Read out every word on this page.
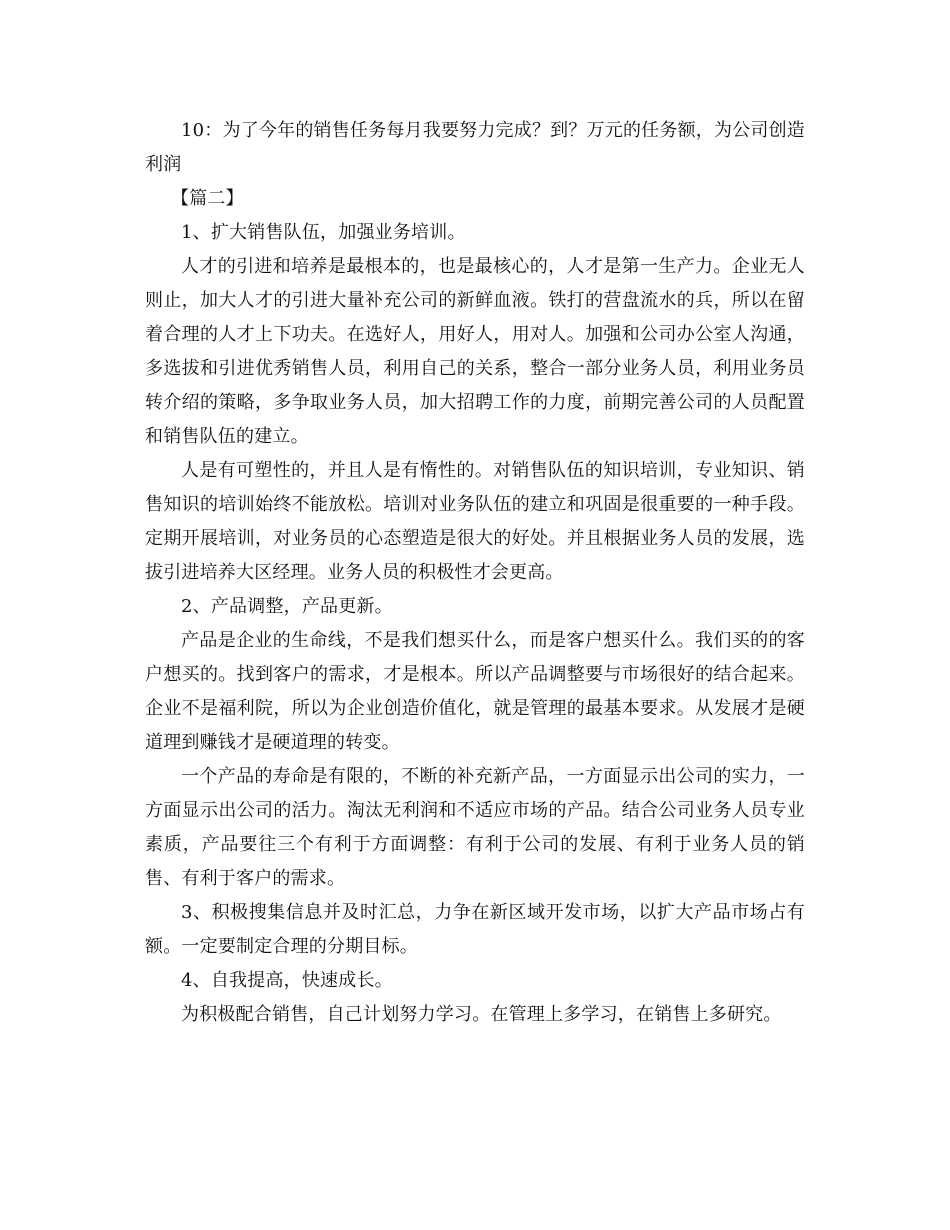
10：为了今年的销售任务每月我要努力完成？到？万元的任务额，为公司创造利润

【篇二】

1、扩大销售队伍，加强业务培训。

人才的引进和培养是最根本的，也是最核心的，人才是第一生产力。企业无人则止，加大人才的引进大量补充公司的新鲜血液。铁打的营盘流水的兵，所以在留着合理的人才上下功夫。在选好人，用好人，用对人。加强和公司办公室人沟通，多选拔和引进优秀销售人员，利用自己的关系，整合一部分业务人员，利用业务员转介绍的策略，多争取业务人员，加大招聘工作的力度，前期完善公司的人员配置和销售队伍的建立。

人是有可塑性的，并且人是有惰性的。对销售队伍的知识培训，专业知识、销售知识的培训始终不能放松。培训对业务队伍的建立和巩固是很重要的一种手段。定期开展培训，对业务员的心态塑造是很大的好处。并且根据业务人员的发展，选拔引进培养大区经理。业务人员的积极性才会更高。

2、产品调整，产品更新。

产品是企业的生命线，不是我们想买什么，而是客户想买什么。我们买的的客户想买的。找到客户的需求，才是根本。所以产品调整要与市场很好的结合起来。企业不是福利院，所以为企业创造价值化，就是管理的最基本要求。从发展才是硬道理到赚钱才是硬道理的转变。

一个产品的寿命是有限的，不断的补充新产品，一方面显示出公司的实力，一方面显示出公司的活力。淘汰无利润和不适应市场的产品。结合公司业务人员专业素质，产品要往三个有利于方面调整：有利于公司的发展、有利于业务人员的销售、有利于客户的需求。

3、积极搜集信息并及时汇总，力争在新区域开发市场，以扩大产品市场占有额。一定要制定合理的分期目标。

4、自我提高，快速成长。

为积极配合销售，自己计划努力学习。在管理上多学习，在销售上多研究。
